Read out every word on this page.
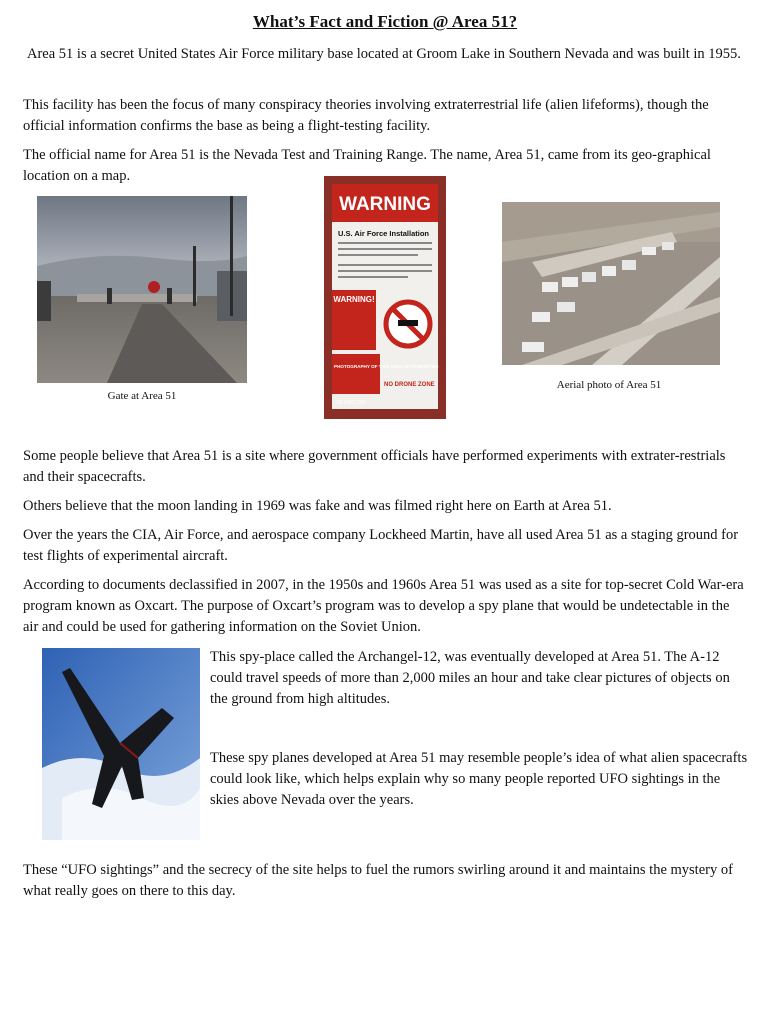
What’s Fact and Fiction @ Area 51?

Area 51 is a secret United States Air Force military base located at Groom Lake in Southern Nevada and was built in 1955.

This facility has been the focus of many conspiracy theories involving extraterrestrial life (alien lifeforms), though the official information confirms the base as being a flight-testing facility.

The official name for Area 51 is the Nevada Test and Training Range. The name, Area 51, came from its geo-graphical location on a map.

Gate at Area 51
WARNING
U.S. Air Force Installation
WARNING!
PHOTOGRAPHY OF THIS AREA IS PROHIBITED
NO DRONE ZONE
18 USC 795
Aerial photo of Area 51

Some people believe that Area 51 is a site where government officials have performed experiments with extrater-restrials and their spacecrafts.

Others believe that the moon landing in 1969 was fake and was filmed right here on Earth at Area 51.

Over the years the CIA, Air Force, and aerospace company Lockheed Martin, have all used Area 51 as a staging ground for test flights of experimental aircraft.

According to documents declassified in 2007, in the 1950s and 1960s Area 51 was used as a site for top-secret Cold War-era program known as Oxcart. The purpose of Oxcart’s program was to develop a spy plane that would be undetectable in the air and could be used for gathering information on the Soviet Union.

This spy-place called the Archangel-12, was eventually developed at Area 51. The A-12 could travel speeds of more than 2,000 miles an hour and take clear pictures of objects on the ground from high altitudes.

These spy planes developed at Area 51 may resemble people’s idea of what alien spacecrafts could look like, which helps explain why so many people reported UFO sightings in the skies above Nevada over the years.

These “UFO sightings” and the secrecy of the site helps to fuel the rumors swirling around it and maintains the mystery of what really goes on there to this day.
